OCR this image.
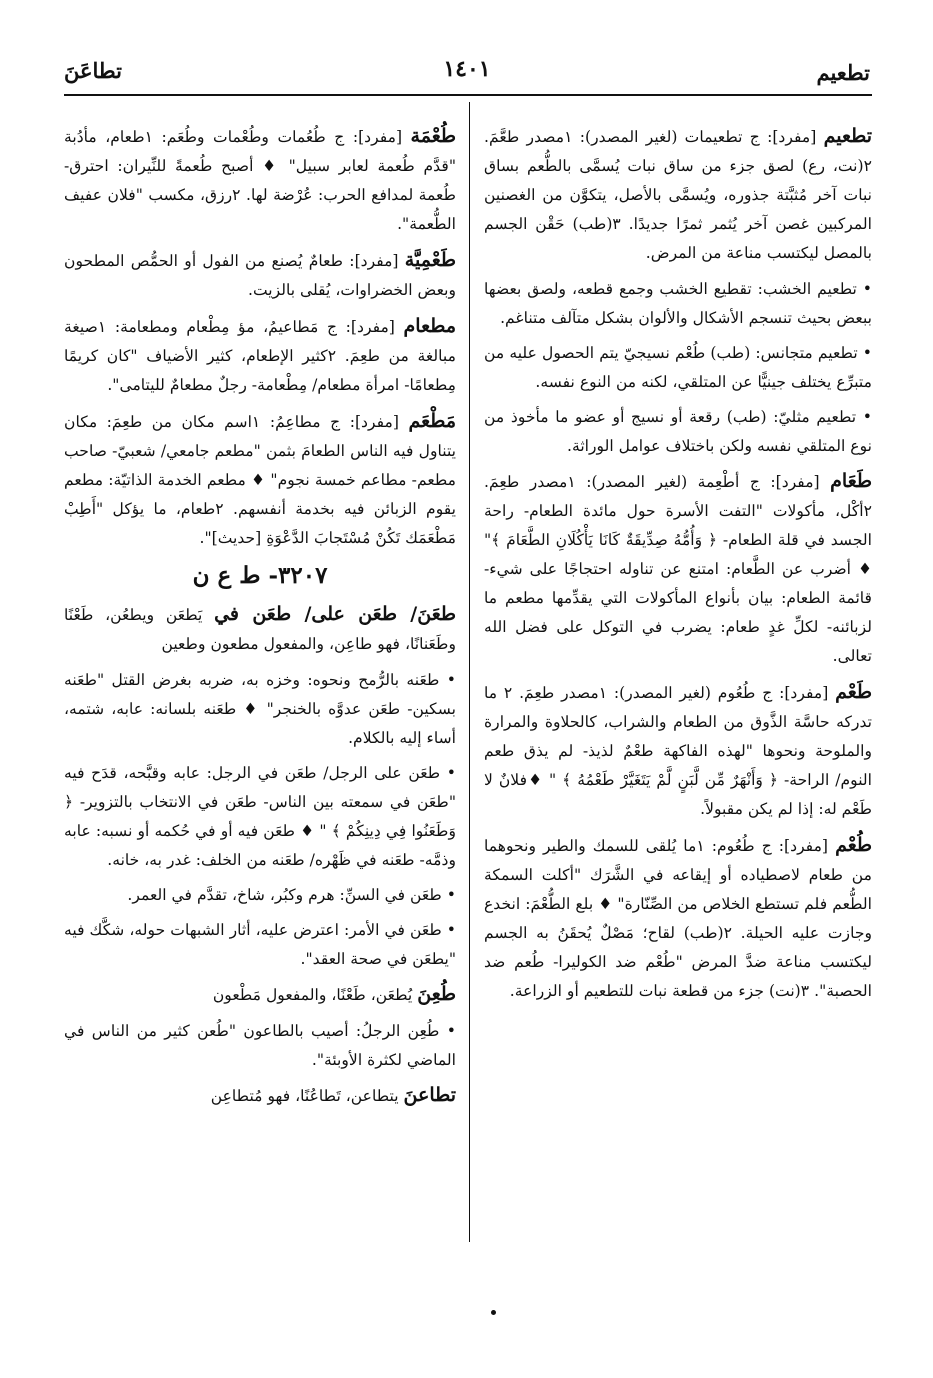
تطاعَنَ	١٤٠١	تطعيم

تطعيم [مفرد]: ج تطعيمات (لغير المصدر): ١مصدر طعَّمَ. ٢(نت، رع) لصق جزء من ساق نبات يُسمَّى بالطُّعم بساق نبات آخر مُثبَّتة جذوره، ويُسمَّى بالأصل، يتكوَّن من الغصنين المركبين غصن آخر يُثمر ثمرًا جديدًا. ٣(طب) حَقْن الجسم بالمصل ليكتسب مناعة من المرض.

• تطعيم الخشب: تقطيع الخشب وجمع قطعه، ولصق بعضها ببعض بحيث تنسجم الأشكال والألوان بشكل متآلف متناغم.

• تطعيم متجانس: (طب) طُعْم نسيجيّ يتم الحصول عليه من متبرِّع يختلف جينيًّا عن المتلقي، لكنه من النوع نفسه.

• تطعيم مثليّ: (طب) رقعة أو نسيج أو عضو ما مأخوذ من نوع المتلقي نفسه ولكن باختلاف عوامل الوراثة.

طَعَام [مفرد]: ج أطْعِمة (لغير المصدر): ١مصدر طعِمَ. ٢أكْل، مأكولات "التفت الأسرة حول مائدة الطعام- راحة الجسد في قلة الطعام- ﴿ وَأُمُّهُ صِدِّيقَةٌ كَانَا يَأْكُلَانِ الطَّعَامَ ﴾" ♦ أضرب عن الطَّعام: امتنع عن تناوله احتجاجًا على شيء- قائمة الطعام: بيان بأنواع المأكولات التي يقدِّمها مطعم ما لزبائنه- لكلِّ غدٍ طعام: يضرب في التوكل على فضل الله تعالى.

طَعْم [مفرد]: ج طُعُوم (لغير المصدر): ١مصدر طعِمَ. ٢ ما تدركه حاسَّة الذَّوق من الطعام والشراب، كالحلاوة والمرارة والملوحة ونحوها "لهذه الفاكهة طعْمٌ لذيذ- لم يذق طعم النوم/ الراحة- ﴿ وَأَنْهَرٌ مِّن لَّبَنٍ لَّمْ يَتَغَيَّرْ طَعْمُهُ ﴾ " ♦فلانٌ لا طَعْم له: إذا لم يكن مقبولاً.

طُعْم [مفرد]: ج طُعُوم: ١ما يُلقى للسمك والطير ونحوهما من طعام لاصطياده أو إيقاعه في الشَّرَك "أكلت السمكة الطُّعم فلم تستطع الخلاص من الصِّنّارة" ♦ بلع الطُّعْمَ: انخدع وجازت عليه الحيلة. ٢(طب) لقاح؛ مَصْلٌ يُحقَنُ به الجسم ليكتسب مناعة ضدَّ المرض "طُعْم ضد الكوليرا- طُعم ضد الحصبة". ٣(نت) جزء من قطعة نبات للتطعيم أو الزراعة.

طُعْمَة [مفرد]: ج طُعُمات وطُعْمات وطُعَم: ١طعام، مأدُبة "قدَّم طُعمة لعابر سبيل" ♦ أصبح طُعمةً للنِّيران: احترق- طُعمة لمدافع الحرب: عُرْضة لها. ٢رزق، مكسب "فلان عفيف الطُّعمة".

طَعْمِيَّة [مفرد]: طعامٌ يُصنع من الفول أو الحمُّص المطحون وبعض الخضراوات، يُقلى بالزيت.

مطعام [مفرد]: ج مَطاعيمُ، مؤ مِطْعام ومطعامة: ١صيغة مبالغة من طعِمَ. ٢كثير الإطعام، كثير الأضياف "كان كريمًا مِطعامًا- امرأة مطعام/ مِطْعامة- رجلٌ مطعامٌ لليتامى".

مَطْعَم [مفرد]: ج مطاعِمُ: ١اسم مكان من طعِمَ: مكان يتناول فيه الناس الطعامَ بثمن "مطعم جامعي/ شعبيّ- صاحب مطعم- مطاعم خمسة نجوم" ♦ مطعم الخدمة الذاتيّة: مطعم يقوم الزبائن فيه بخدمة أنفسهم. ٢طعام، ما يؤكل "أَطِبْ مَطْعَمَك تَكُنْ مُسْتَجابَ الدَّعْوَةِ [حديث]".

٣٢٠٧- ط ع ن

طعَنَ/ طعَن على/ طعَن في يَطعَن ويطعُن، طَعْنًا وطَعَنانًا، فهو طاعِن، والمفعول مطعون وطعين

• طعَنه بالرُّمح ونحوه: وخزه به، ضربه بغرض القتل "طعَنه بسكين- طعَن عدوَّه بالخنجر" ♦ طعَنه بلسانه: عابه، شتمه، أساء إليه بالكلام.

• طعَن على الرجل/ طعَن في الرجل: عابه وقبَّحه، قدَح فيه "طعَن في سمعته بين الناس- طعَن في الانتخاب بالتزوير- ﴿ وَطَعَنُوا فِي دِينِكُمْ ﴾ " ♦ طعَن فيه أو في حُكمه أو نسبه: عابه وذمَّه- طعَنه في ظَهْره/ طعَنه من الخلف: غدر به، خانه.

• طعَن في السنِّ: هرم وكبُر، شاخ، تقدَّم في العمر.

• طعَن في الأمر: اعترض عليه، أثار الشبهات حوله، شكَّك فيه "يطعَن في صحة العقد".

طُعِنَ يُطعَن، طَعْنًا، والمفعول مَطْعون

• طُعِن الرجلُ: أصيب بالطاعون "طُعن كثير من الناس في الماضي لكثرة الأوبئة".

تطاعنَ يتطاعن، تَطاعُنًا، فهو مُتطاعِن
